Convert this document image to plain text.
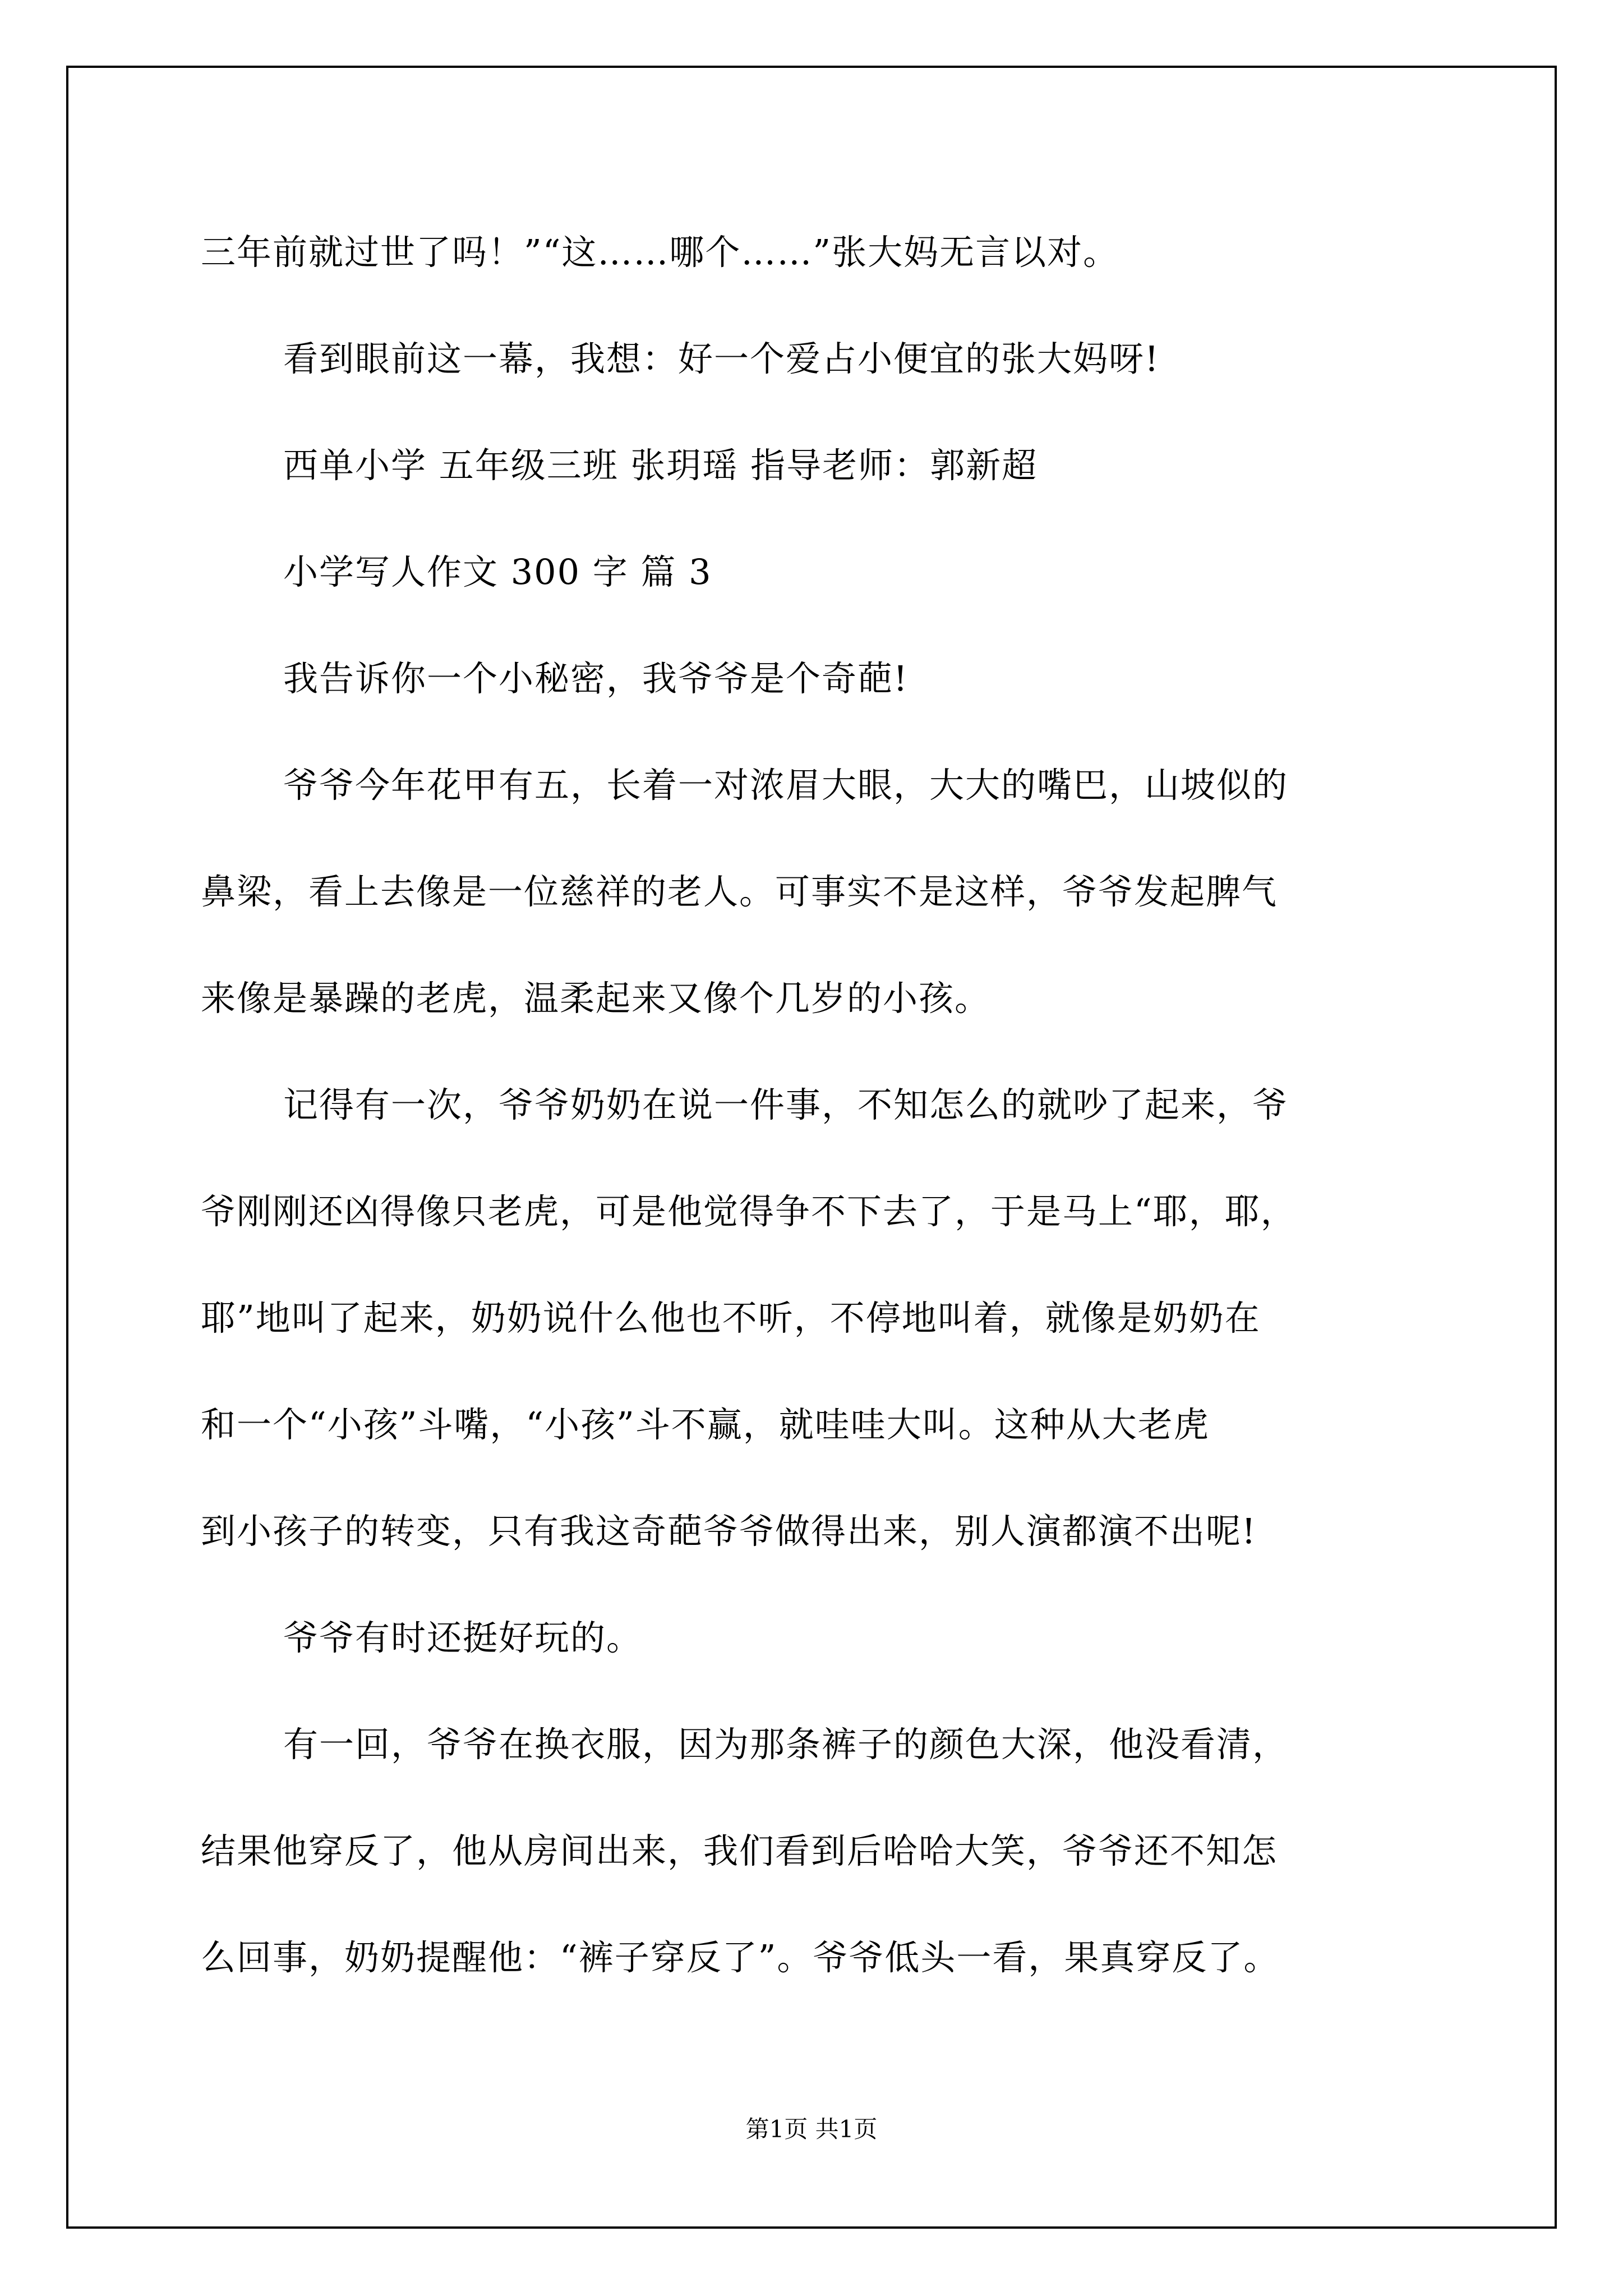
三年前就过世了吗！”“这……哪个……”张大妈无言以对。
看到眼前这一幕，我想：好一个爱占小便宜的张大妈呀!
西单小学 五年级三班 张玥瑶 指导老师：郭新超
小学写人作文 300 字 篇 3
我告诉你一个小秘密，我爷爷是个奇葩!
爷爷今年花甲有五，长着一对浓眉大眼，大大的嘴巴，山坡似的
鼻梁，看上去像是一位慈祥的老人。可事实不是这样，爷爷发起脾气
来像是暴躁的老虎，温柔起来又像个几岁的小孩。
记得有一次，爷爷奶奶在说一件事，不知怎么的就吵了起来，爷
爷刚刚还凶得像只老虎，可是他觉得争不下去了，于是马上“耶，耶，
耶”地叫了起来，奶奶说什么他也不听，不停地叫着，就像是奶奶在
和一个“小孩”斗嘴，“小孩”斗不赢，就哇哇大叫。这种从大老虎
到小孩子的转变，只有我这奇葩爷爷做得出来，别人演都演不出呢!
爷爷有时还挺好玩的。
有一回，爷爷在换衣服，因为那条裤子的颜色大深，他没看清，
结果他穿反了，他从房间出来，我们看到后哈哈大笑，爷爷还不知怎
么回事，奶奶提醒他：“裤子穿反了”。爷爷低头一看，果真穿反了。
第1页 共1页
